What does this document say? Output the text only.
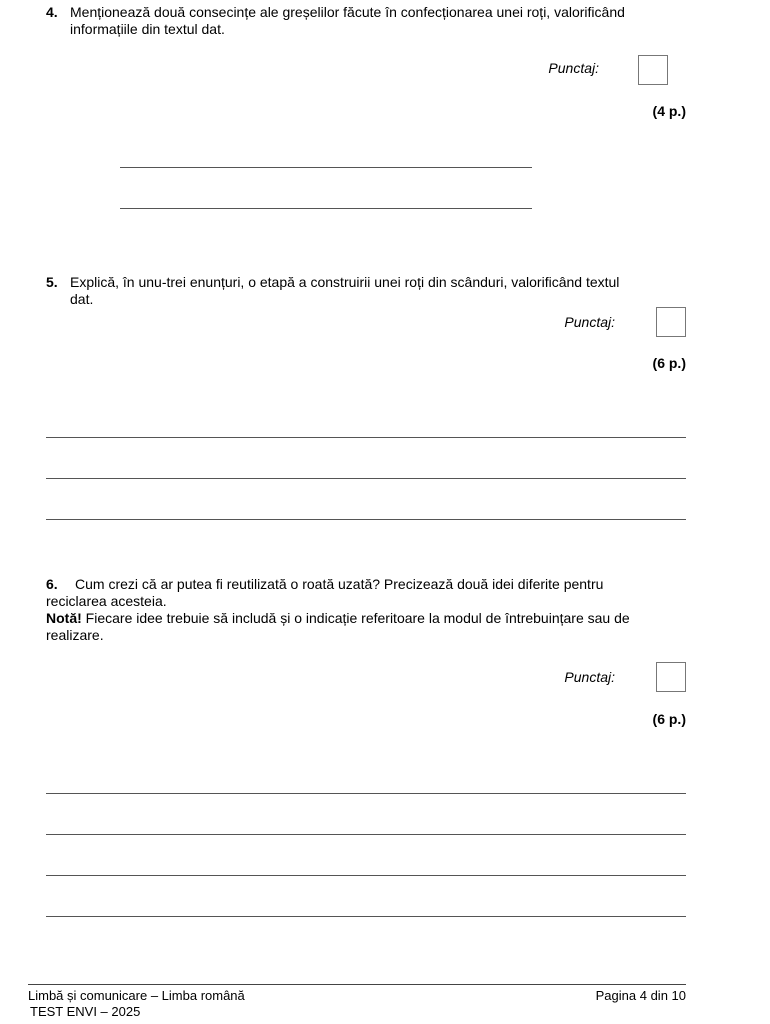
4. Menționează două consecințe ale greșelilor făcute în confecționarea unei roți, valorificând
informațiile din textul dat.
Punctaj:
(4 p.)
5. Explică, în unu-trei enunțuri, o etapă a construirii unei roți din scânduri, valorificând textul
dat.
Punctaj:
(6 p.)
6. Cum crezi că ar putea fi reutilizată o roată uzată? Precizează două idei diferite pentru
reciclarea acesteia.
Notă! Fiecare idee trebuie să includă și o indicație referitoare la modul de întrebuințare sau de
realizare.
Punctaj:
(6 p.)
Limbă și comunicare – Limba română
TEST ENVI – 2025
Pagina 4 din 10
